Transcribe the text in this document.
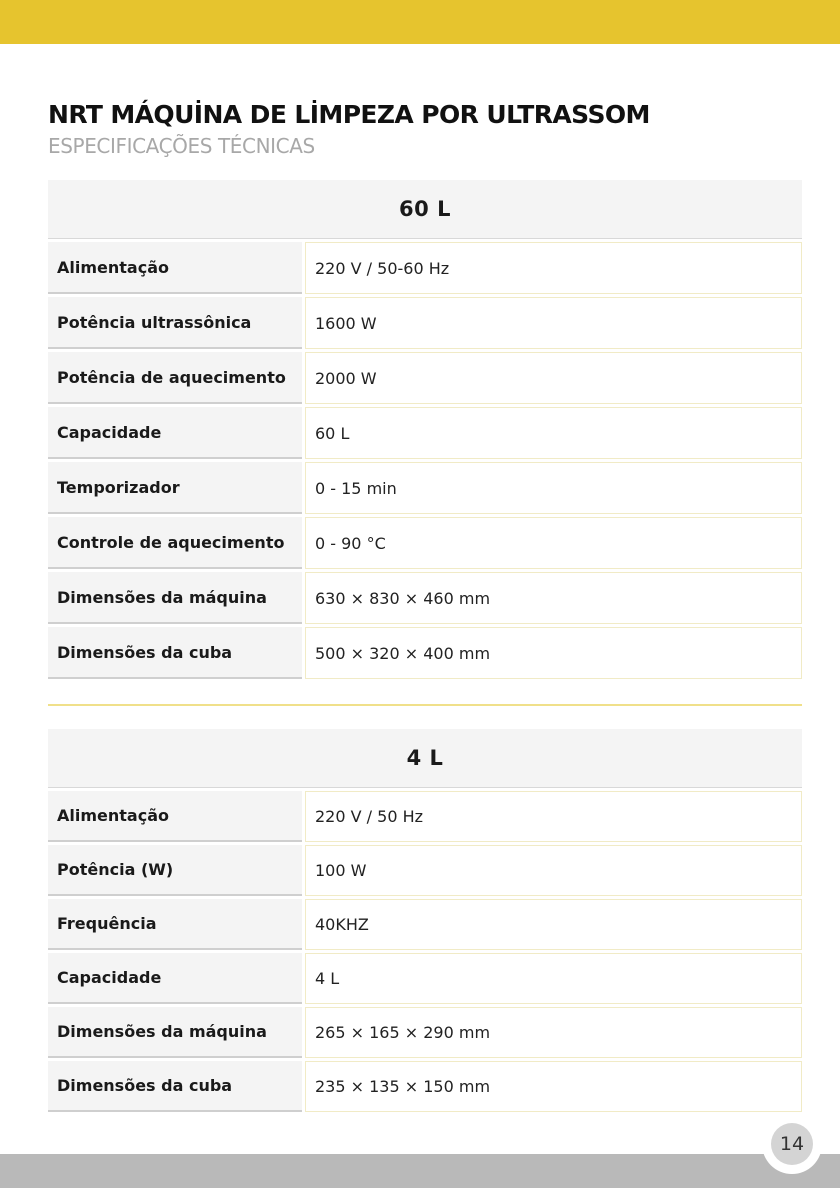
NRT MÁQUİNA DE LİMPEZA POR ULTRASSOM
ESPECIFICAÇÕES TÉCNICAS
60 L
Alimentação	220 V / 50-60 Hz
Potência ultrassônica	1600 W
Potência de aquecimento	2000 W
Capacidade	60 L
Temporizador	0 - 15 min
Controle de aquecimento	0 - 90 °C
Dimensões da máquina	630 × 830 × 460 mm
Dimensões da cuba	500 × 320 × 400 mm
4 L
Alimentação	220 V / 50 Hz
Potência (W)	100 W
Frequência	40KHZ
Capacidade	4 L
Dimensões da máquina	265 × 165 × 290 mm
Dimensões da cuba	235 × 135 × 150 mm
14
